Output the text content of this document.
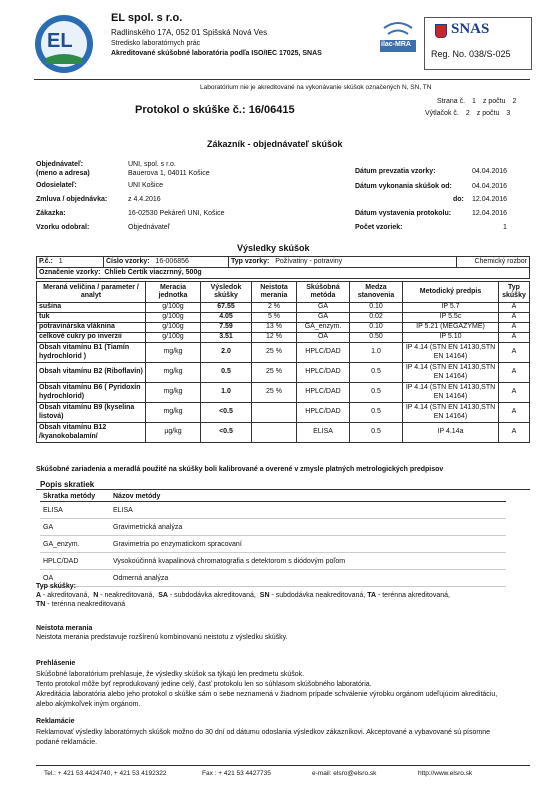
EL
EL spol. s r.o.
Radlinského 17A, 052 01 Spišská Nová Ves
Stredisko laboratórnych prác
Akreditované skúšobné laboratória podľa ISO/IEC 17025, SNAS
ilac-MRA
SNAS
Reg. No. 038/S-025
Laboratórium nie je akreditované na vykonávanie skúšok označených N, SN, TN
Protokol o skúške č.: 16/06415
Strana č. 1 z počtu 2
Výtlačok č. 2 z počtu 3
Zákazník - objednávateľ skúšok
Objednávateľ:
(meno a adresa)
UNI, spol. s r.o.
Bauerova 1, 04011 Košice
Odosielateľ:	UNI Košice
Zmluva / objednávka:	z 4.4.2016
Zákazka:	16-02530 Pekáreň UNI, Košice
Vzorku odobral:	Objednávateľ
Dátum prevzatia vzorky:	04.04.2016
Dátum vykonania skúšok od:	04.04.2016
do: 12.04.2016
Dátum vystavenia protokolu:	12.04.2016
Počet vzoriek:	1
Výsledky skúšok
P.č.: 1	Číslo vzorky: 16-006856	Typ vzorky: Požívatiny - potraviny	Chemický rozbor
Označenie vzorky: Chlieb Čertík viaczrnný, 500g
Meraná veličina / parameter / analyt	Meracia jednotka	Výsledok skúšky	Neistota merania	Skúšobná metóda	Medza stanovenia	Metodický predpis	Typ skúšky
sušina	g/100g	67.55	2 %	GA	0.10	IP 5.7	A
tuk	g/100g	4.05	5 %	GA	0.02	IP 5.5c	A
potravinárska vláknina	g/100g	7.59	13 %	GA_enzym.	0.10	IP 5.21 (MEGAZYME)	A
celkové cukry po inverzii	g/100g	3.51	12 %	OA	0.50	IP 5.10	A
Obsah vitamínu B1 (Tiamín hydrochlorid )	mg/kg	2.0	25 %	HPLC/DAD	1.0	IP 4.14 (STN EN 14130,STN EN 14164)	A
Obsah vitamínu B2 (Riboflavín)	mg/kg	0.5	25 %	HPLC/DAD	0.5	IP 4.14 (STN EN 14130,STN EN 14164)	A
Obsah vitamínu B6 ( Pyridoxín hydrochlorid)	mg/kg	1.0	25 %	HPLC/DAD	0.5	IP 4.14 (STN EN 14130,STN EN 14164)	A
Obsah vitamínu B9 (kyselina listová)	mg/kg	<0.5		HPLC/DAD	0.5	IP 4.14 (STN EN 14130,STN EN 14164)	A
Obsah vitamínu B12 /kyanokobalamín/	µg/kg	<0.5		ELISA	0.5	IP 4.14a	A
Skúšobné zariadenia a meradlá použité na skúšky boli kalibrované a overené v zmysle platných metrologických predpisov
Popis skratiek
Skratka metódy	Názov metódy
ELISA	ELISA
GA	Gravimetrická analýza
GA_enzym.	Gravimetria po enzymatickom spracovaní
HPLC/DAD	Vysokoúčinná kvapalinová chromatografia s detektorom s diódovým poľom
OA	Odmerná analýza
Typ skúšky:
A - akreditovaná,  N - neakreditovaná,  SA - subdodávka akreditovaná,  SN - subdodávka neakreditovaná, TA - terénna akreditovaná,
TN - terénna neakreditovaná
Neistota merania
Neistota merania predstavuje rozšírenú kombinovanú neistotu z výsledku skúšky.
Prehlásenie
Skúšobné laboratórium prehlasuje, že výsledky skúšok sa týkajú len predmetu skúšok.
Tento protokol môže byť reprodukovaný jedine celý, časť protokolu len so súhlasom skúšobného laboratória.
Akreditácia laboratória alebo jeho protokol o skúške sám o sebe neznamená v žiadnom prípade schválenie výrobku orgánom udeľujúcim akreditáciu,
alebo akýmkoľvek iným orgánom.
Reklamácie
Reklamovať výsledky laboratórnych skúšok možno do 30 dní od dátumu odoslania výsledkov zákazníkovi. Akceptované a vybavované sú písomne
podané reklamácie.
Tel.: + 421 53 4424740, + 421 53 4192322	Fax : + 421 53 4427735	e-mail: elsro@elsro.sk	http://www.elsro.sk
